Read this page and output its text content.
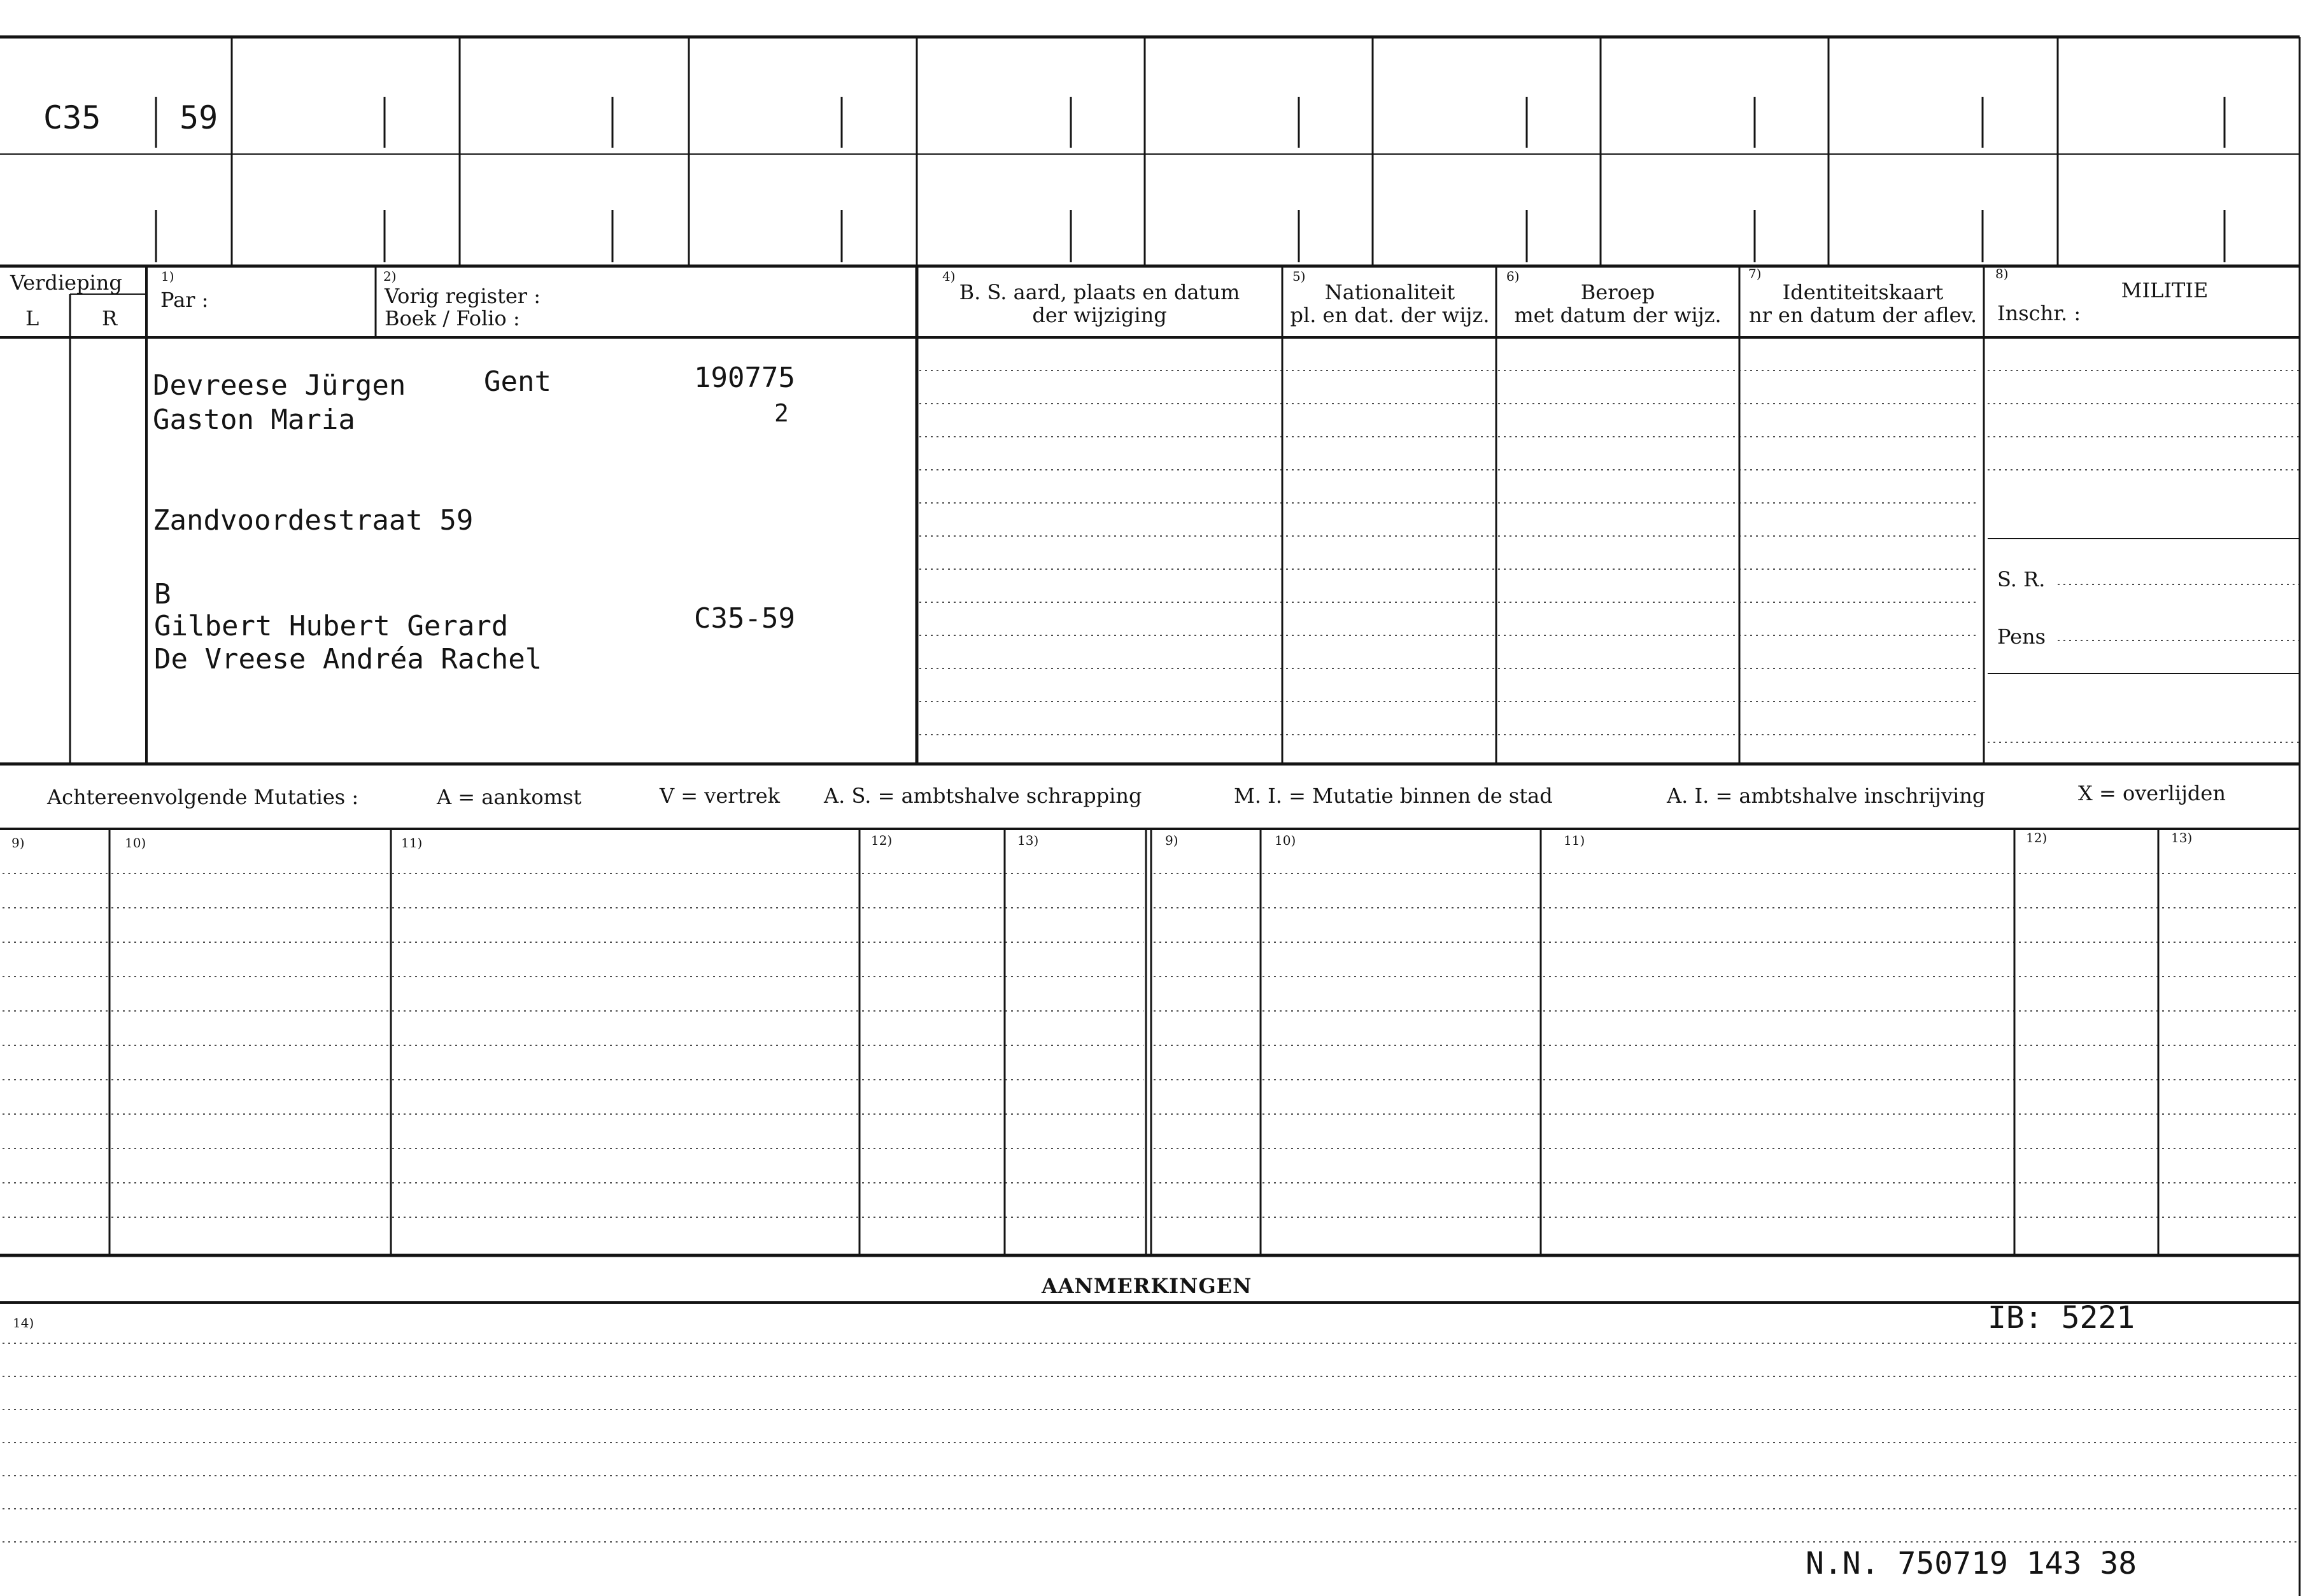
C35 59
Verdieping
L	R
1)
Par :
2)
Vorig register :
Boek / Folio :
4)
B. S. aard, plaats en datum
der wijziging
5)
Nationaliteit
pl. en dat. der wijz.
6)
Beroep
met datum der wijz.
7)
Identiteitskaart
nr en datum der aflev.
8)
MILITIE
Inschr. :
S. R.
Pens
Devreese Jürgen	Gent	190775
Gaston Maria	2
Zandvoordestraat 59
B
Gilbert Hubert Gerard	C35-59
De Vreese Andréa Rachel
Achtereenvolgende Mutaties :	A = aankomst	V = vertrek A. S. = ambtshalve schrapping	M. I. = Mutatie binnen de stad	A. I. = ambtshalve inschrijving	X = overlijden
9)	10)	11)	12)	13)	9)	10)	11)	12)	13)
AANMERKINGEN
14)	IB: 5221
N.N. 750719 143 38
